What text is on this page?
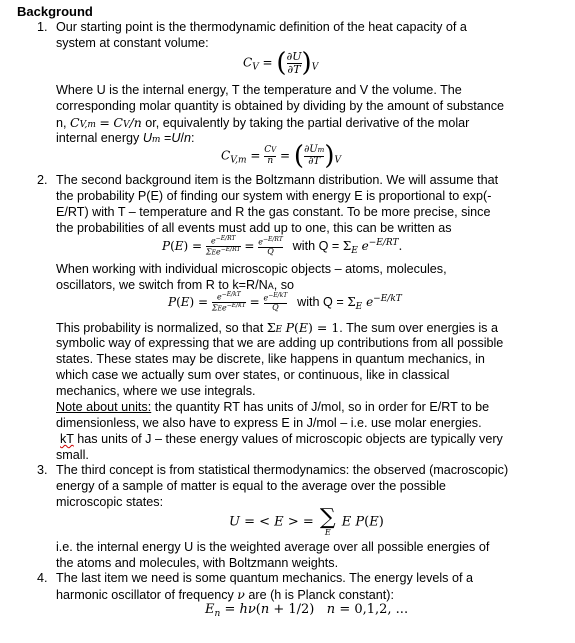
Background
1. Our starting point is the thermodynamic definition of the heat capacity of a
system at constant volume:
$C_V$ = ( $\frac{\partial U}{\partial T} )_V$
Where U is the internal energy, T the temperature and V the volume. The
corresponding molar quantity is obtained by dividing by the amount of substance
n, CV,m = CV/n or, equivalently by taking the partial derivative of the molar
internal energy Um =U/n:
$C_{V,m} = \frac{CV}{n}$ = ( $\frac{\partial Um}{\partial T} )_V$
2. The second background item is the Boltzmann distribution. We will assume that
the probability P(E) of finding our system with energy E is proportional to exp(-
E/RT) with T – temperature and R the gas constant. To be more precise, since
the probabilities of all events must add up to one, this can be written as
$P(E) = \frac{e^{-E/RT}}{\Sigma Ee^{-E/RT}} = \frac{e^{-E/RT}}{Q}$ with $Q = \Sigma_E$ $e^{-E/RT}$.
When working with individual microscopic objects – atoms, molecules,
oscillators, we switch from R to k=R/NA, so
$P(E) = \frac{e^{-E/kT}}{\Sigma Ee^{-E/kT}} = \frac{e^{-E/kT}}{Q}$ with $Q = \Sigma_E$ $e^{-E/kT}$
This probability is normalized, so that ΣE P(E) = 1. The sum over energies is a
symbolic way of expressing that we are adding up contributions from all possible
states. These states may be discrete, like happens in quantum mechanics, in
which case we actually sum over states, or continuous, like in classical
mechanics, where we use integrals.
Note about units: the quantity RT has units of J/mol, so in order for E/RT to be
dimensionless, we also have to express E in J/mol – i.e. use molar energies.
kT has units of J – these energy values of microscopic objects are typically very
small.
3. The third concept is from statistical thermodynamics: the observed (macroscopic)
energy of a sample of matter is equal to the average over the possible
microscopic states:
U = < E > = ∑
E
E P(E)
i.e. the internal energy U is the weighted average over all possible energies of
the atoms and molecules, with Boltzmann weights.
4. The last item we need is some quantum mechanics. The energy levels of a
harmonic oscillator of frequency ν are (h is Planck constant):
$E_n = h\nu(n + 1/2) n = 0,1,2$, ...
